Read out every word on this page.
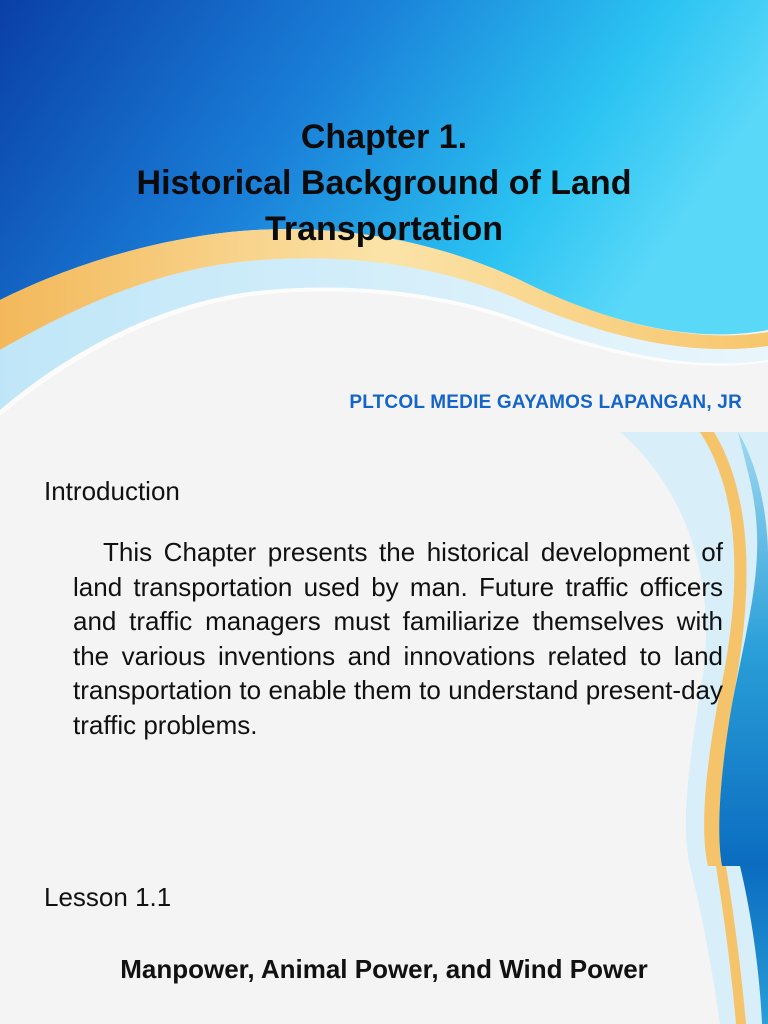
Chapter 1.
Historical Background of Land
Transportation
PLTCOL MEDIE GAYAMOS LAPANGAN, JR
Introduction
This Chapter presents the historical development of land transportation used by man. Future traffic officers and traffic managers must familiarize themselves with the various inventions and innovations related to land transportation to enable them to understand present-day traffic problems.
Lesson 1.1
Manpower, Animal Power, and Wind Power
